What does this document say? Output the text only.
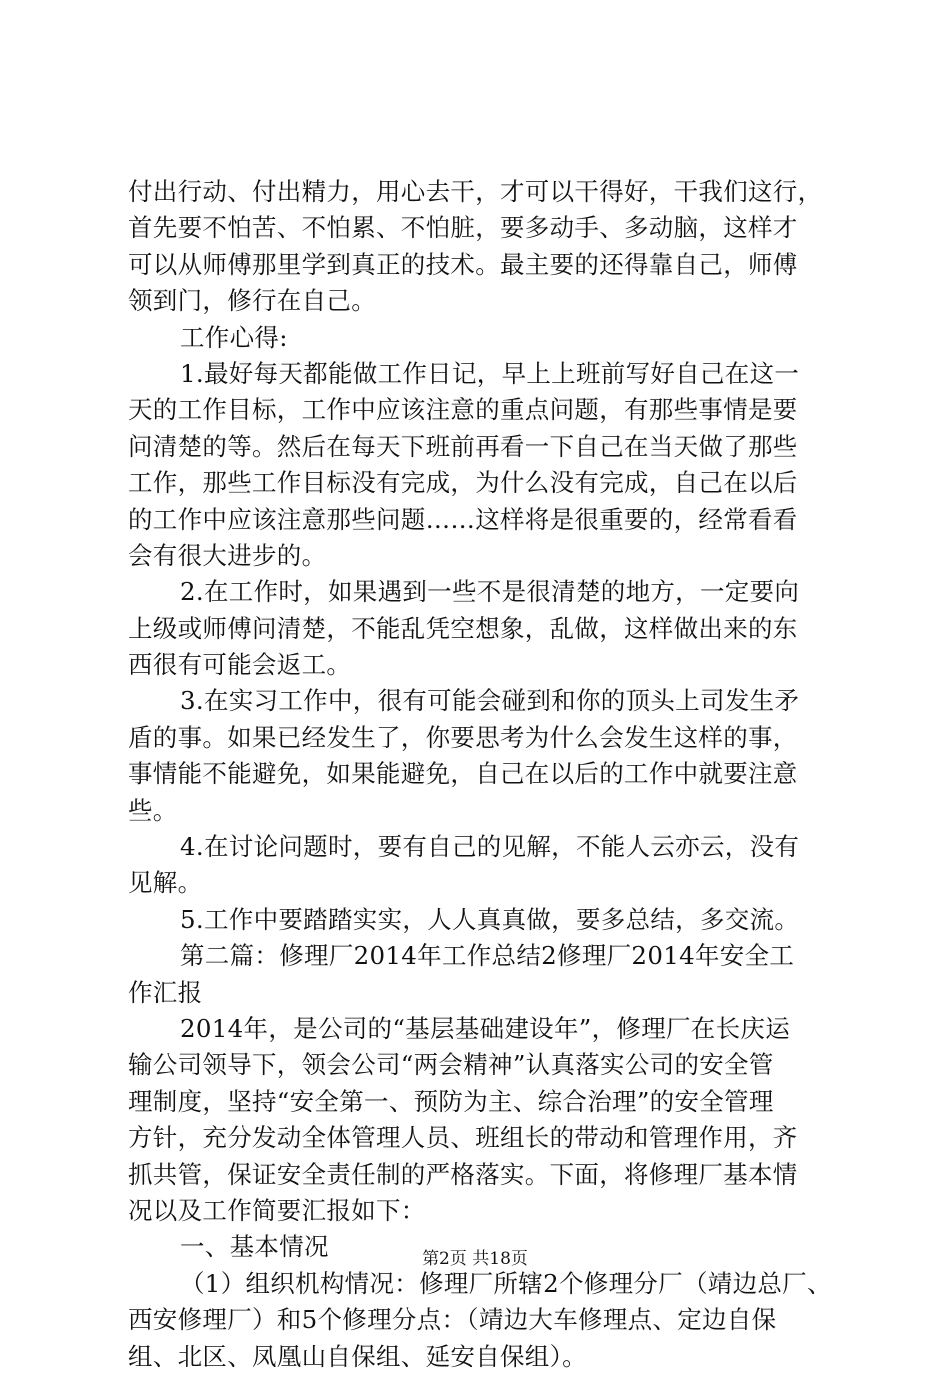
付出行动、付出精力，用心去干，才可以干得好，干我们这行，
首先要不怕苦、不怕累、不怕脏，要多动手、多动脑，这样才
可以从师傅那里学到真正的技术。最主要的还得靠自己，师傅
领到门，修行在自己。
工作心得:
1.最好每天都能做工作日记，早上上班前写好自己在这一
天的工作目标，工作中应该注意的重点问题，有那些事情是要
问清楚的等。然后在每天下班前再看一下自己在当天做了那些
工作，那些工作目标没有完成，为什么没有完成，自己在以后
的工作中应该注意那些问题……这样将是很重要的，经常看看
会有很大进步的。
2.在工作时，如果遇到一些不是很清楚的地方，一定要向
上级或师傅问清楚，不能乱凭空想象，乱做，这样做出来的东
西很有可能会返工。
3.在实习工作中，很有可能会碰到和你的顶头上司发生矛
盾的事。如果已经发生了，你要思考为什么会发生这样的事，
事情能不能避免，如果能避免，自己在以后的工作中就要注意
些。
4.在讨论问题时，要有自己的见解，不能人云亦云，没有
见解。
5.工作中要踏踏实实，人人真真做，要多总结，多交流。
第二篇：修理厂2014年工作总结2修理厂2014年安全工
作汇报
2014年，是公司的“基层基础建设年”，修理厂在长庆运
输公司领导下，领会公司“两会精神”认真落实公司的安全管
理制度，坚持“安全第一、预防为主、综合治理”的安全管理
方针，充分发动全体管理人员、班组长的带动和管理作用，齐
抓共管，保证安全责任制的严格落实。下面，将修理厂基本情
况以及工作简要汇报如下：
一、基本情况
（1）组织机构情况：修理厂所辖2个修理分厂（靖边总厂、
西安修理厂）和5个修理分点：（靖边大车修理点、定边自保
组、北区、凤凰山自保组、延安自保组）。
第2页 共18页
